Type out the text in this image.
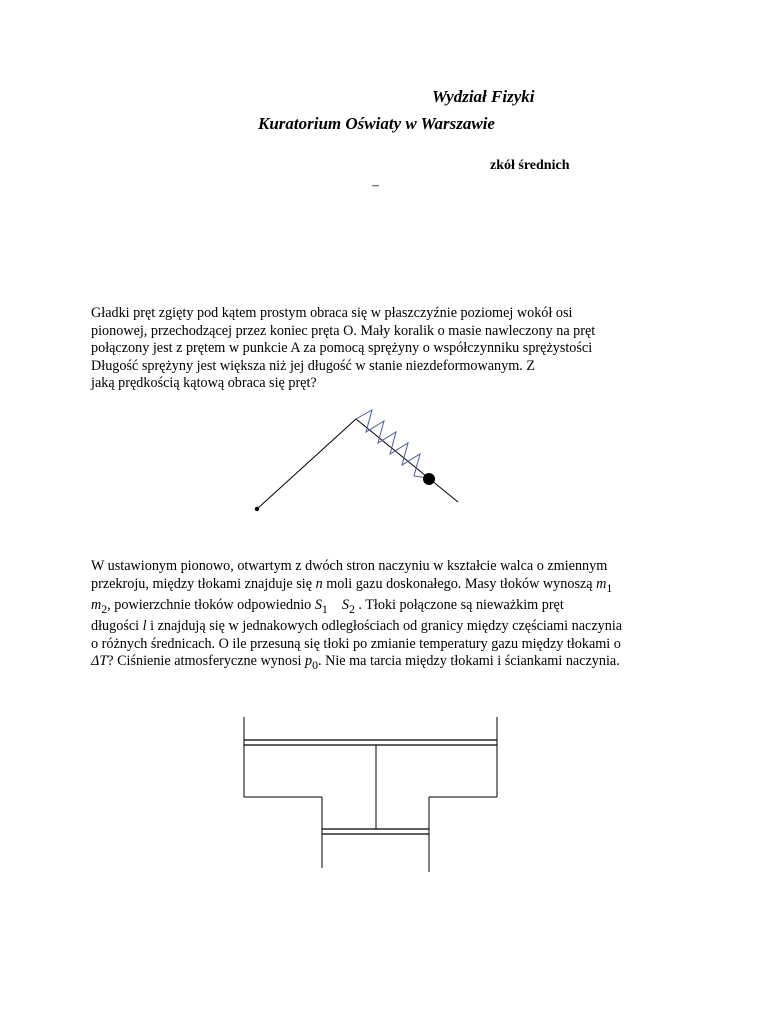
Wydział Fizyki
Kuratorium Oświaty w Warszawie
zkół średnich
–
Gładki pręt zgięty pod kątem prostym obraca się w płaszczyźnie poziomej wokół osi
pionowej, przechodzącej przez koniec pręta O. Mały koralik o masie nawleczony na pręt
połączony jest z prętem w punkcie A za pomocą sprężyny o współczynniku sprężystości
Długość sprężyny jest większa niż jej długość w stanie niezdeformowanym. Z
jaką prędkością kątową obraca się pręt?
W ustawionym pionowo, otwartym z dwóch stron naczyniu w kształcie walca o zmiennym
przekroju, między tłokami znajduje się n moli gazu doskonałego. Masy tłoków wynoszą $m_1$
$m_2$, powierzchnie tłoków odpowiednio $S_1$ $S_2$ . Tłoki połączone są nieważkim pręt
długości l i znajdują się w jednakowych odległościach od granicy między częściami naczynia
o różnych średnicach. O ile przesuną się tłoki po zmianie temperatury gazu między tłokami o
ΔT? Ciśnienie atmosferyczne wynosi $p_0$. Nie ma tarcia między tłokami i ściankami naczynia.
